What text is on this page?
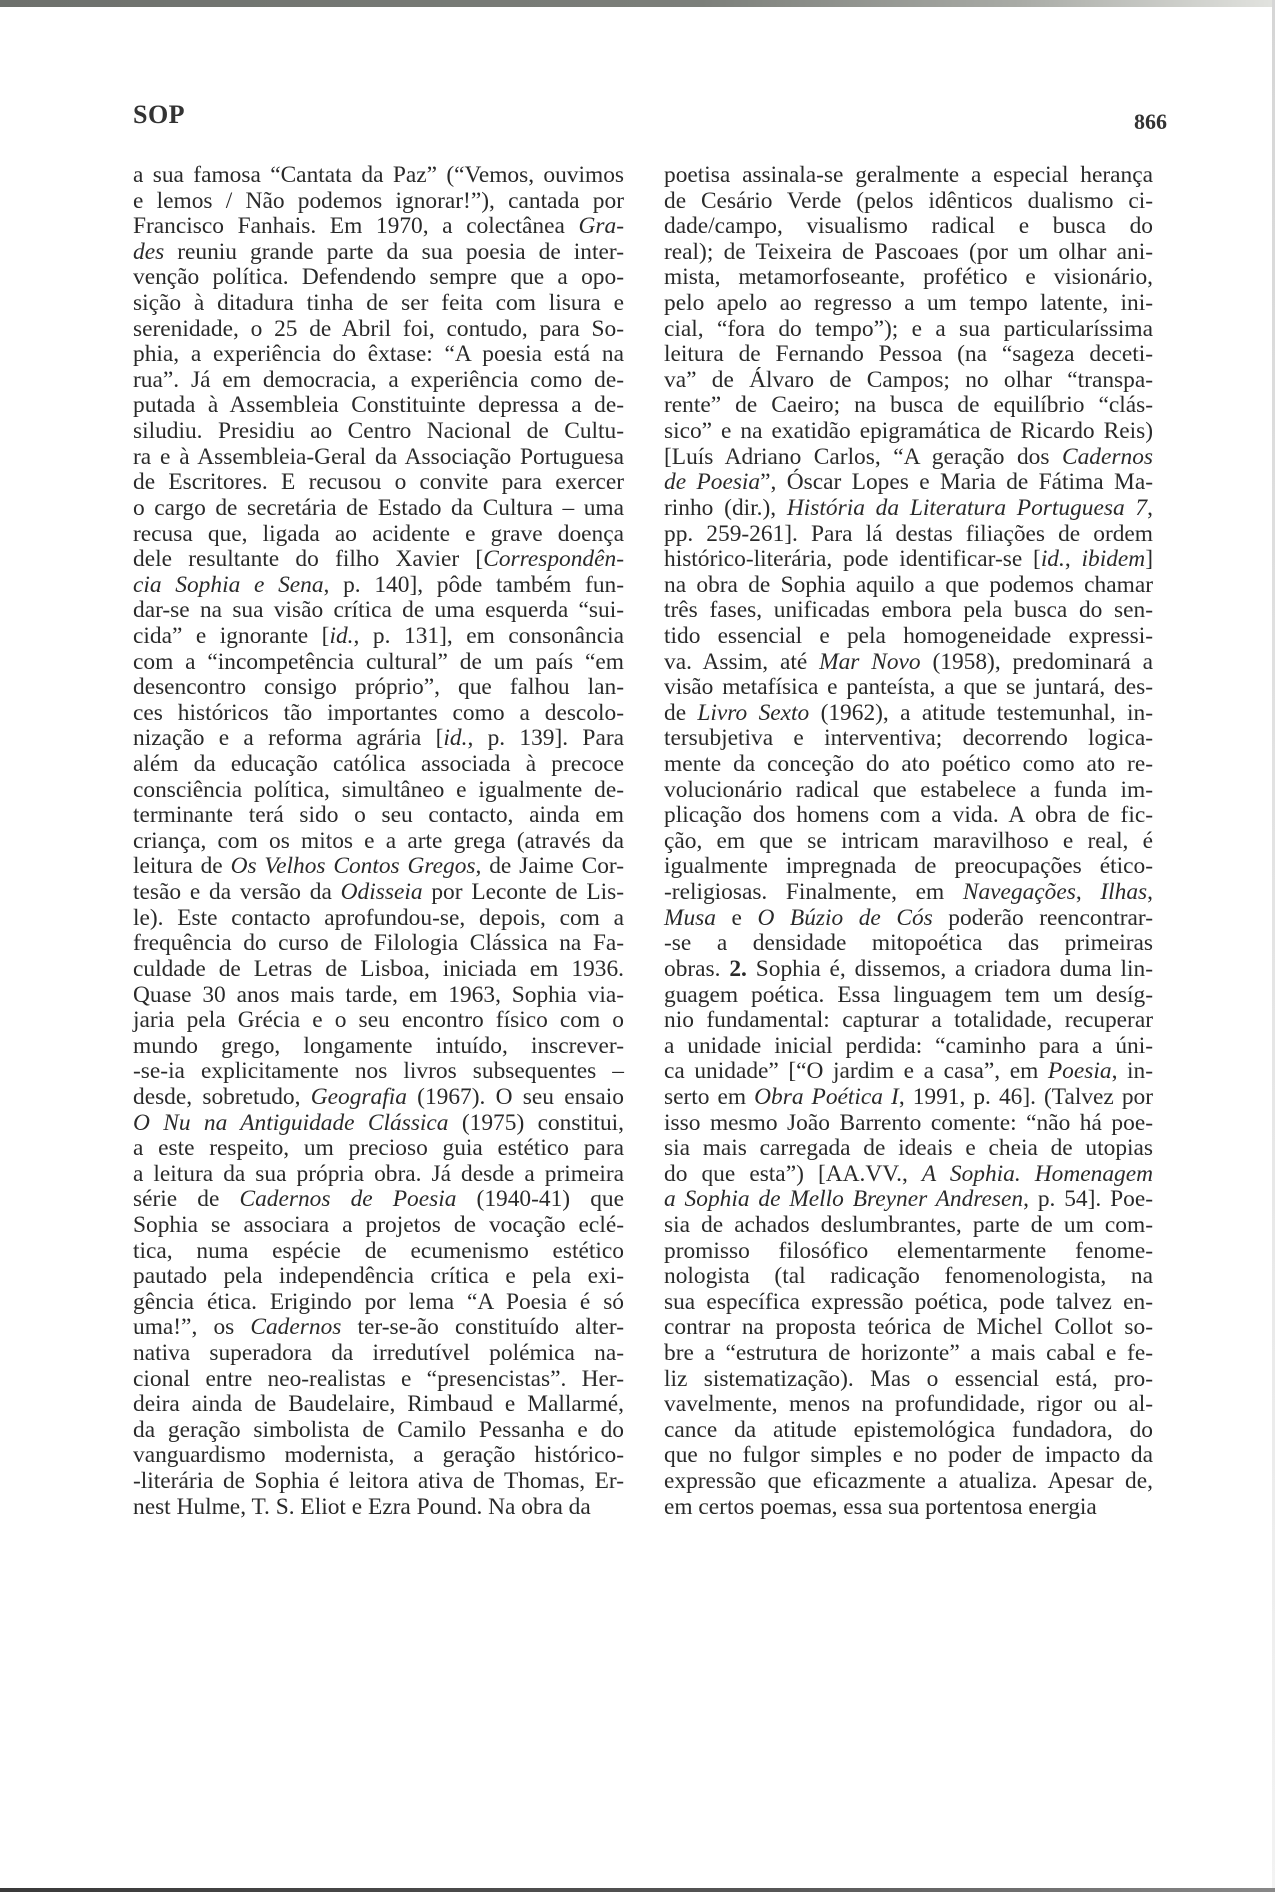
SOP	866
a sua famosa “Cantata da Paz” (“Vemos, ouvimos
e lemos / Não podemos ignorar!”), cantada por
Francisco Fanhais. Em 1970, a colectânea Gra-
des reuniu grande parte da sua poesia de inter-
venção política. Defendendo sempre que a opo-
sição à ditadura tinha de ser feita com lisura e
serenidade, o 25 de Abril foi, contudo, para So-
phia, a experiência do êxtase: “A poesia está na
rua”. Já em democracia, a experiência como de-
putada à Assembleia Constituinte depressa a de-
siludiu. Presidiu ao Centro Nacional de Cultu-
ra e à Assembleia-Geral da Associação Portuguesa
de Escritores. E recusou o convite para exercer
o cargo de secretária de Estado da Cultura – uma
recusa que, ligada ao acidente e grave doença
dele resultante do filho Xavier [Correspondên-
cia Sophia e Sena, p. 140], pôde também fun-
dar-se na sua visão crítica de uma esquerda “sui-
cida” e ignorante [id., p. 131], em consonância
com a “incompetência cultural” de um país “em
desencontro consigo próprio”, que falhou lan-
ces históricos tão importantes como a descolo-
nização e a reforma agrária [id., p. 139]. Para
além da educação católica associada à precoce
consciência política, simultâneo e igualmente de-
terminante terá sido o seu contacto, ainda em
criança, com os mitos e a arte grega (através da
leitura de Os Velhos Contos Gregos, de Jaime Cor-
tesão e da versão da Odisseia por Leconte de Lis-
le). Este contacto aprofundou-se, depois, com a
frequência do curso de Filologia Clássica na Fa-
culdade de Letras de Lisboa, iniciada em 1936.
Quase 30 anos mais tarde, em 1963, Sophia via-
jaria pela Grécia e o seu encontro físico com o
mundo grego, longamente intuído, inscrever-
-se-ia explicitamente nos livros subsequentes –
desde, sobretudo, Geografia (1967). O seu ensaio
O Nu na Antiguidade Clássica (1975) constitui,
a este respeito, um precioso guia estético para
a leitura da sua própria obra. Já desde a primeira
série de Cadernos de Poesia (1940-41) que
Sophia se associara a projetos de vocação eclé-
tica, numa espécie de ecumenismo estético
pautado pela independência crítica e pela exi-
gência ética. Erigindo por lema “A Poesia é só
uma!”, os Cadernos ter-se-ão constituído alter-
nativa superadora da irredutível polémica na-
cional entre neo-realistas e “presencistas”. Her-
deira ainda de Baudelaire, Rimbaud e Mallarmé,
da geração simbolista de Camilo Pessanha e do
vanguardismo modernista, a geração histórico-
-literária de Sophia é leitora ativa de Thomas, Er-
nest Hulme, T. S. Eliot e Ezra Pound. Na obra da
poetisa assinala-se geralmente a especial herança
de Cesário Verde (pelos idênticos dualismo ci-
dade/campo, visualismo radical e busca do
real); de Teixeira de Pascoaes (por um olhar ani-
mista, metamorfoseante, profético e visionário,
pelo apelo ao regresso a um tempo latente, ini-
cial, “fora do tempo”); e a sua particularíssima
leitura de Fernando Pessoa (na “sageza deceti-
va” de Álvaro de Campos; no olhar “transpa-
rente” de Caeiro; na busca de equilíbrio “clás-
sico” e na exatidão epigramática de Ricardo Reis)
[Luís Adriano Carlos, “A geração dos Cadernos
de Poesia”, Óscar Lopes e Maria de Fátima Ma-
rinho (dir.), História da Literatura Portuguesa 7,
pp. 259-261]. Para lá destas filiações de ordem
histórico-literária, pode identificar-se [id., ibidem]
na obra de Sophia aquilo a que podemos chamar
três fases, unificadas embora pela busca do sen-
tido essencial e pela homogeneidade expressi-
va. Assim, até Mar Novo (1958), predominará a
visão metafísica e panteísta, a que se juntará, des-
de Livro Sexto (1962), a atitude testemunhal, in-
tersubjetiva e interventiva; decorrendo logica-
mente da conceção do ato poético como ato re-
volucionário radical que estabelece a funda im-
plicação dos homens com a vida. A obra de fic-
ção, em que se intricam maravilhoso e real, é
igualmente impregnada de preocupações ético-
-religiosas. Finalmente, em Navegações, Ilhas,
Musa e O Búzio de Cós poderão reencontrar-
-se a densidade mitopoética das primeiras
obras. 2. Sophia é, dissemos, a criadora duma lin-
guagem poética. Essa linguagem tem um desíg-
nio fundamental: capturar a totalidade, recuperar
a unidade inicial perdida: “caminho para a úni-
ca unidade” [“O jardim e a casa”, em Poesia, in-
serto em Obra Poética I, 1991, p. 46]. (Talvez por
isso mesmo João Barrento comente: “não há poe-
sia mais carregada de ideais e cheia de utopias
do que esta”) [AA.VV., A Sophia. Homenagem
a Sophia de Mello Breyner Andresen, p. 54]. Poe-
sia de achados deslumbrantes, parte de um com-
promisso filosófico elementarmente fenome-
nologista (tal radicação fenomenologista, na
sua específica expressão poética, pode talvez en-
contrar na proposta teórica de Michel Collot so-
bre a “estrutura de horizonte” a mais cabal e fe-
liz sistematização). Mas o essencial está, pro-
vavelmente, menos na profundidade, rigor ou al-
cance da atitude epistemológica fundadora, do
que no fulgor simples e no poder de impacto da
expressão que eficazmente a atualiza. Apesar de,
em certos poemas, essa sua portentosa energia
